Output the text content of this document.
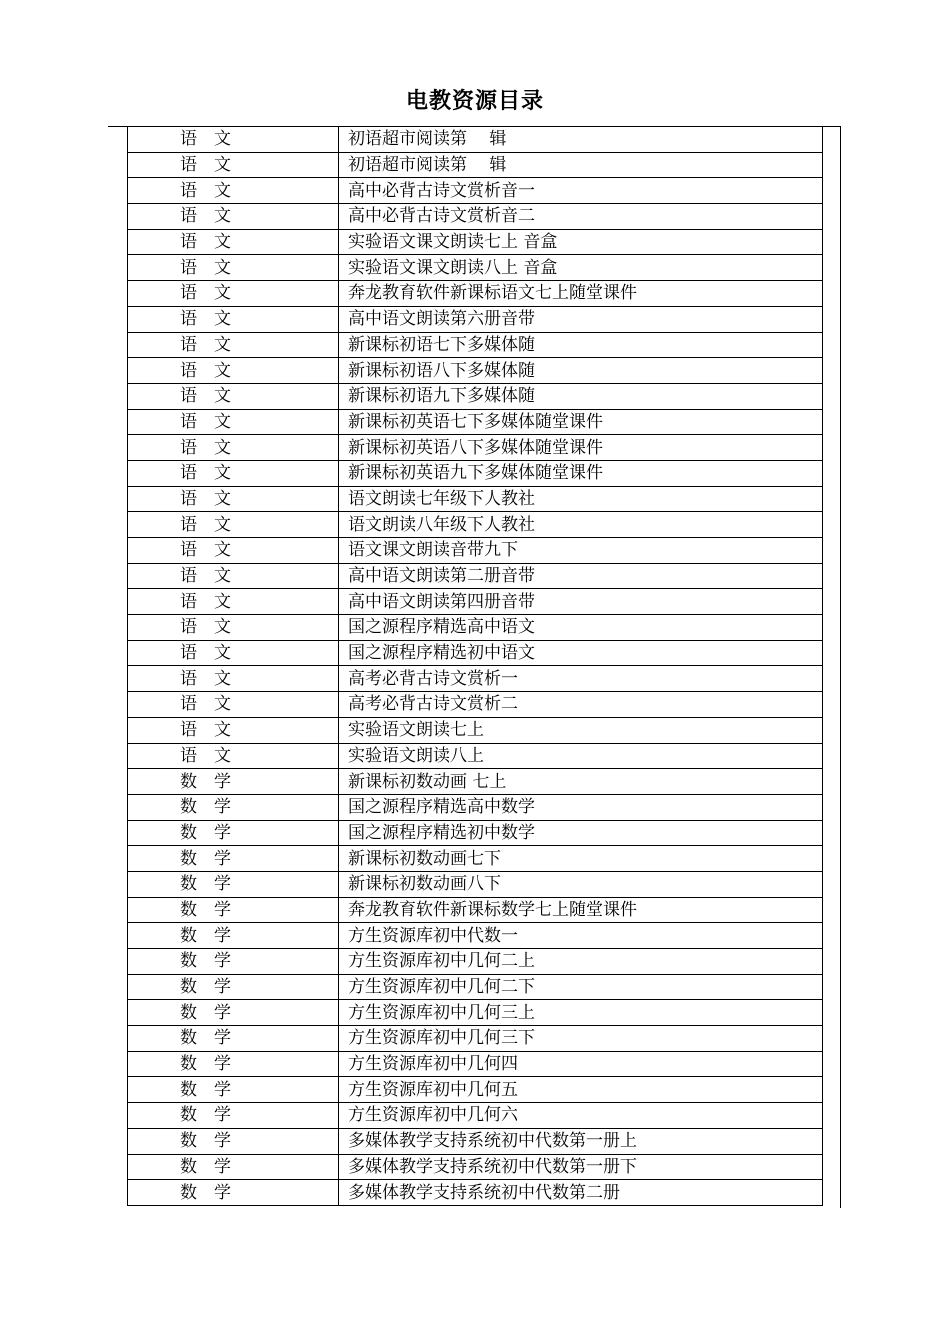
电教资源目录
语文	初语超市阅读第　 辑
语文	初语超市阅读第　 辑
语文	高中必背古诗文赏析音一
语文	高中必背古诗文赏析音二
语文	实验语文课文朗读七上 音盒
语文	实验语文课文朗读八上 音盒
语文	奔龙教育软件新课标语文七上随堂课件
语文	高中语文朗读第六册音带
语文	新课标初语七下多媒体随
语文	新课标初语八下多媒体随
语文	新课标初语九下多媒体随
语文	新课标初英语七下多媒体随堂课件
语文	新课标初英语八下多媒体随堂课件
语文	新课标初英语九下多媒体随堂课件
语文	语文朗读七年级下人教社
语文	语文朗读八年级下人教社
语文	语文课文朗读音带九下
语文	高中语文朗读第二册音带
语文	高中语文朗读第四册音带
语文	国之源程序精选高中语文
语文	国之源程序精选初中语文
语文	高考必背古诗文赏析一
语文	高考必背古诗文赏析二
语文	实验语文朗读七上
语文	实验语文朗读八上
数学	新课标初数动画 七上
数学	国之源程序精选高中数学
数学	国之源程序精选初中数学
数学	新课标初数动画七下
数学	新课标初数动画八下
数学	奔龙教育软件新课标数学七上随堂课件
数学	方生资源库初中代数一
数学	方生资源库初中几何二上
数学	方生资源库初中几何二下
数学	方生资源库初中几何三上
数学	方生资源库初中几何三下
数学	方生资源库初中几何四
数学	方生资源库初中几何五
数学	方生资源库初中几何六
数学	多媒体教学支持系统初中代数第一册上
数学	多媒体教学支持系统初中代数第一册下
数学	多媒体教学支持系统初中代数第二册
